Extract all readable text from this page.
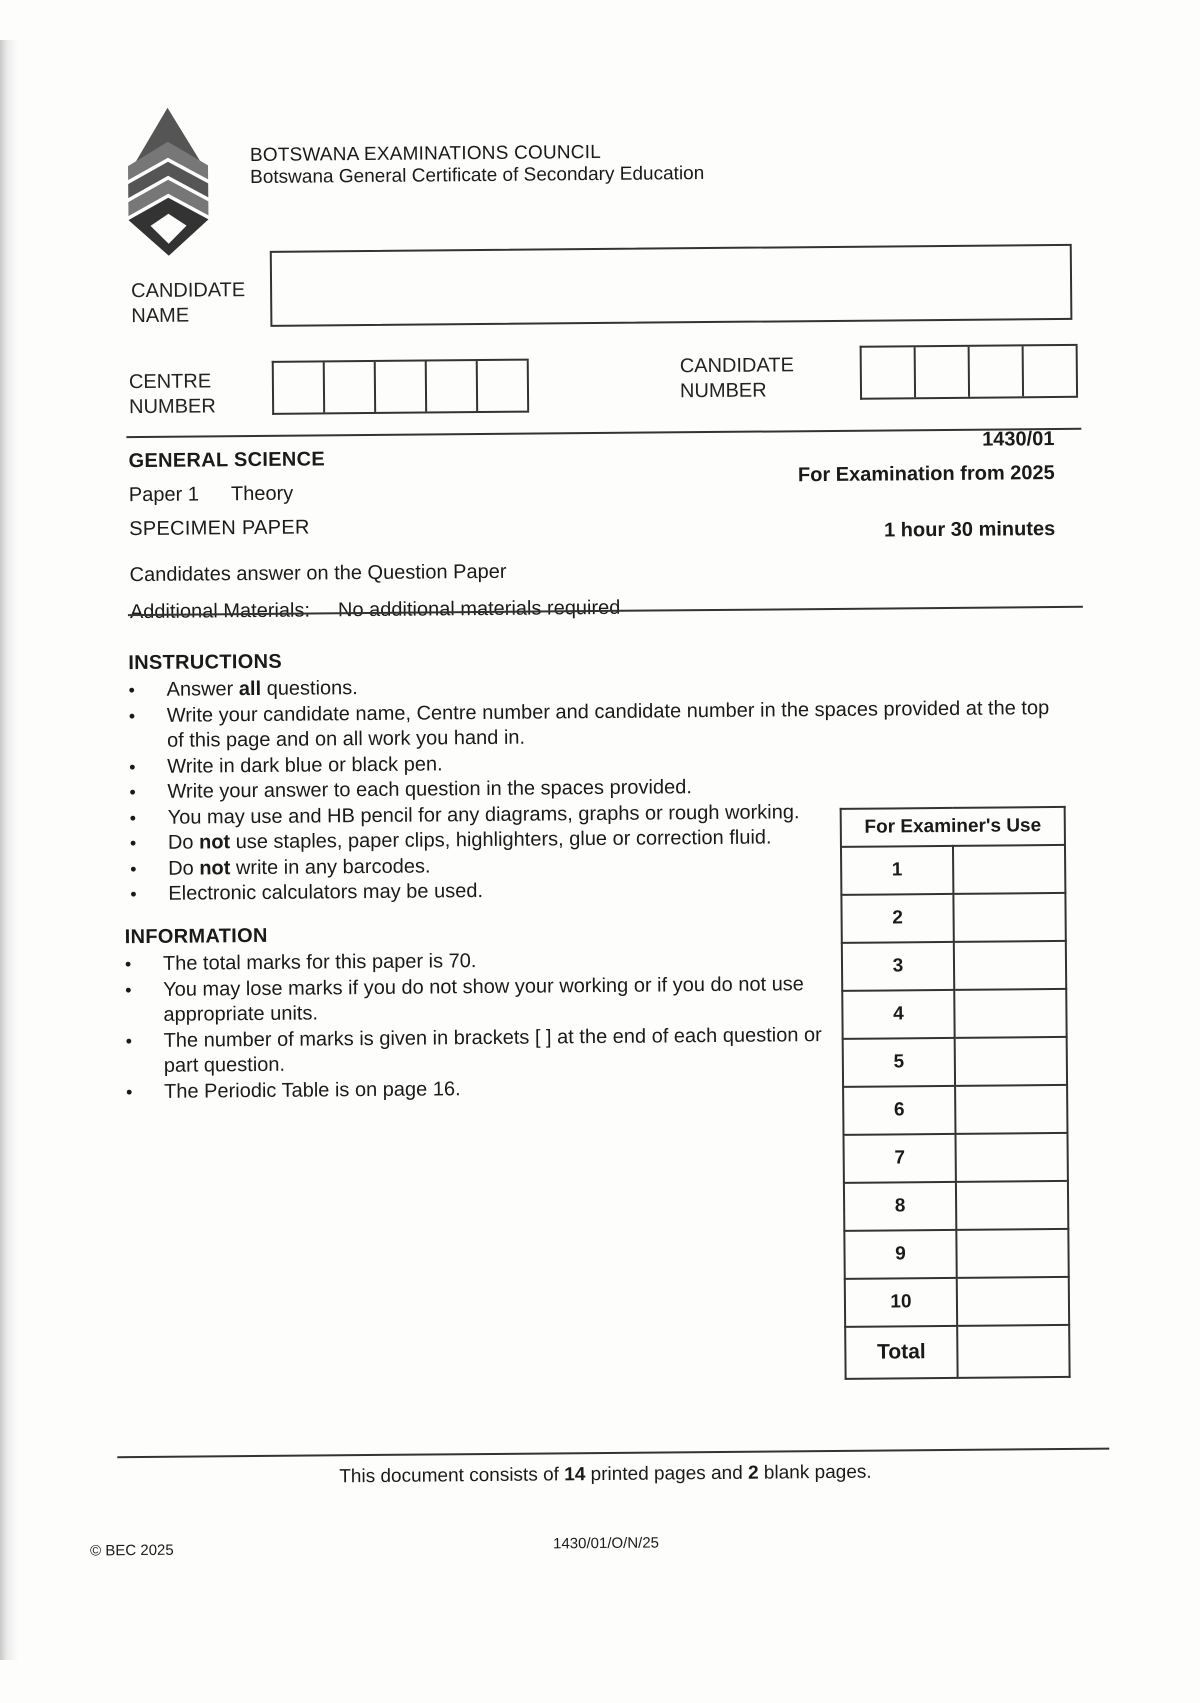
BOTSWANA EXAMINATIONS COUNCIL
Botswana General Certificate of Secondary Education
CANDIDATE
NAME
CENTRE
NUMBER
CANDIDATE
NUMBER
GENERAL SCIENCE
Paper 1 Theory
SPECIMEN PAPER
1430/01
For Examination from 2025
1 hour 30 minutes
Candidates answer on the Question Paper
Additional Materials: No additional materials required
INSTRUCTIONS
• Answer all questions.
• Write your candidate name, Centre number and candidate number in the spaces provided at the top of this page and on all work you hand in.
• Write in dark blue or black pen.
• Write your answer to each question in the spaces provided.
• You may use and HB pencil for any diagrams, graphs or rough working.
• Do not use staples, paper clips, highlighters, glue or correction fluid.
• Do not write in any barcodes.
• Electronic calculators may be used.
INFORMATION
• The total marks for this paper is 70.
• You may lose marks if you do not show your working or if you do not use appropriate units.
• The number of marks is given in brackets [ ] at the end of each question or part question.
• The Periodic Table is on page 16.
For Examiner's Use	
1	
2	
3	
4	
5	
6	
7	
8	
9	
10	
Total	
This document consists of 14 printed pages and 2 blank pages.
© BEC 2025	1430/01/O/N/25
